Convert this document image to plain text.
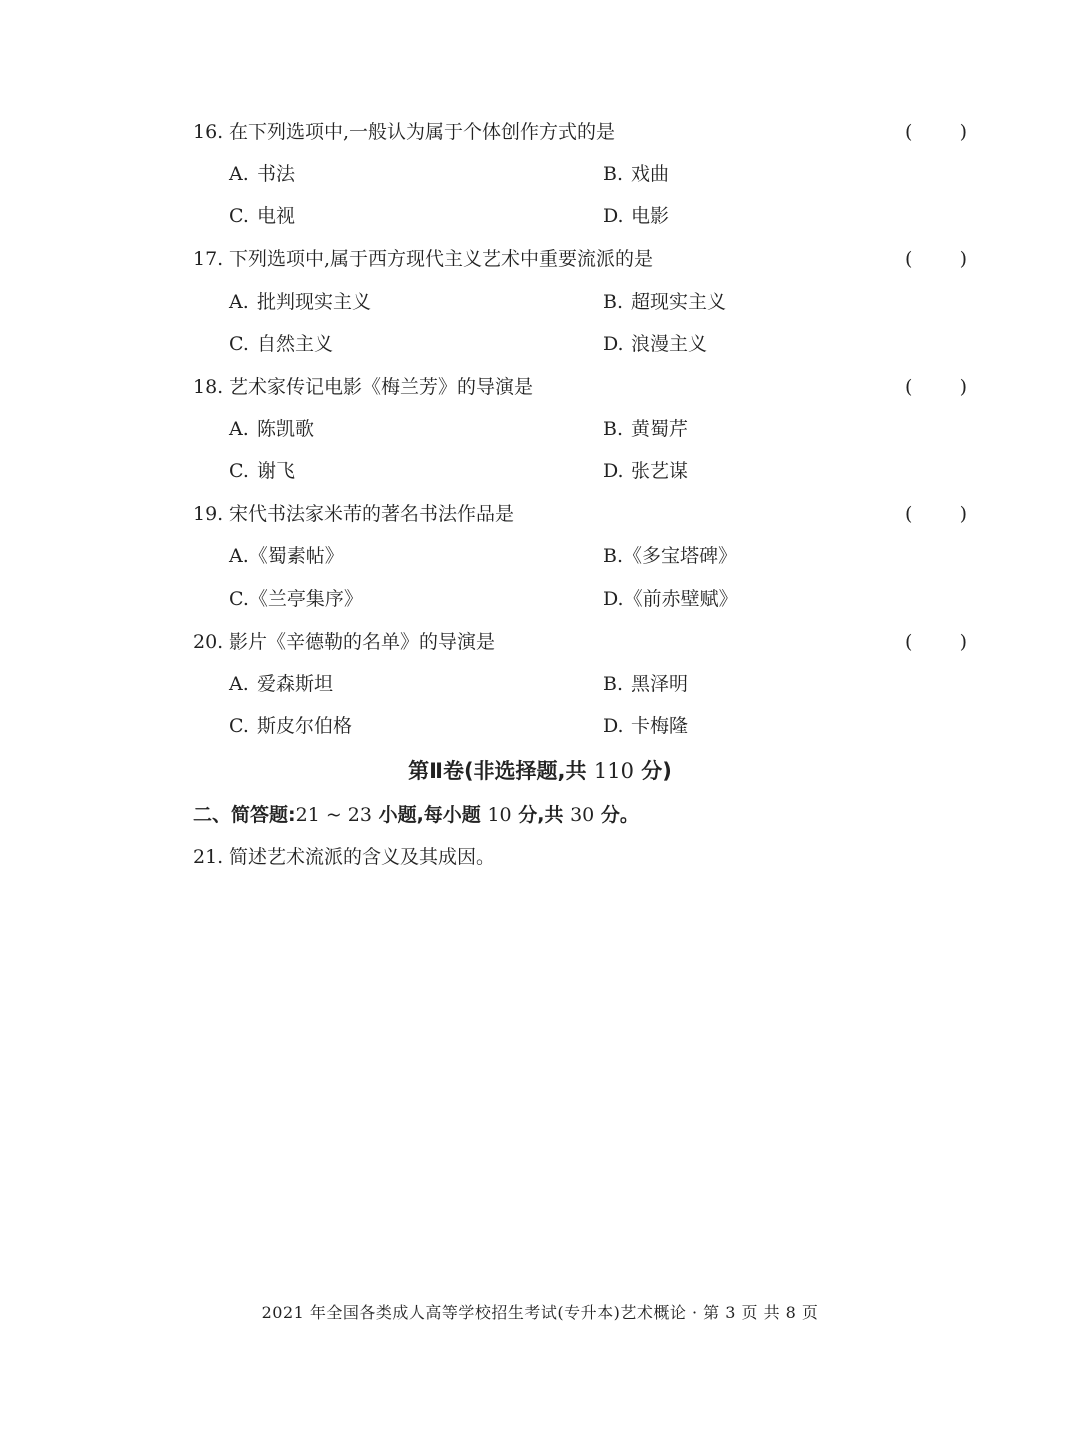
16. 在下列选项中,一般认为属于个体创作方式的是	( )
A. 书法	B. 戏曲
C. 电视	D. 电影
17. 下列选项中,属于西方现代主义艺术中重要流派的是	( )
A. 批判现实主义	B. 超现实主义
C. 自然主义	D. 浪漫主义
18. 艺术家传记电影《梅兰芳》的导演是	( )
A. 陈凯歌	B. 黄蜀芹
C. 谢飞	D. 张艺谋
19. 宋代书法家米芾的著名书法作品是	( )
A.《蜀素帖》	B.《多宝塔碑》
C.《兰亭集序》	D.《前赤壁赋》
20. 影片《辛德勒的名单》的导演是	( )
A. 爱森斯坦	B. 黑泽明
C. 斯皮尔伯格	D. 卡梅隆
第Ⅱ卷(非选择题,共 110 分)
二、简答题:21 ~ 23 小题,每小题 10 分,共 30 分。
21. 简述艺术流派的含义及其成因。
2021 年全国各类成人高等学校招生考试(专升本)艺术概论 · 第 3 页 共 8 页
